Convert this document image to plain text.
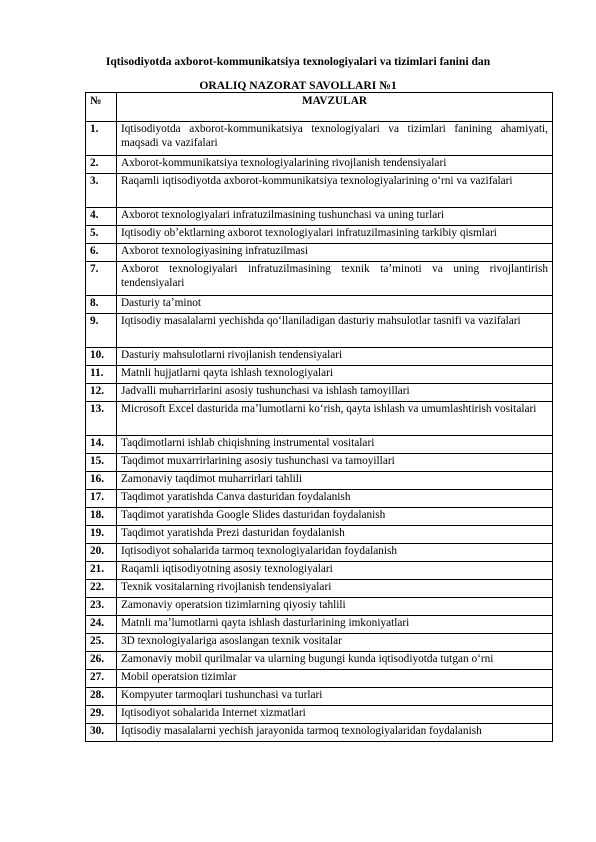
Iqtisodiyotda axborot-kommunikatsiya texnologiyalari va tizimlari fanini dan
ORALIQ NAZORAT SAVOLLARI №1
№	MAVZULAR
1.	Iqtisodiyotda axborot-kommunikatsiya texnologiyalari va tizimlari fanining ahamiyati, maqsadi va vazifalari
2.	Axborot-kommunikatsiya texnologiyalarining rivojlanish tendensiyalari
3.	Raqamli iqtisodiyotda axborot-kommunikatsiya texnologiyalarining o‘rni va vazifalari
4.	Axborot texnologiyalari infratuzilmasining tushunchasi va uning turlari
5.	Iqtisodiy obʼektlarning axborot texnologiyalari infratuzilmasining tarkibiy qismlari
6.	Axborot texnologiyasining infratuzilmasi
7.	Axborot texnologiyalari infratuzilmasining texnik taʼminoti va uning rivojlantirish tendensiyalari
8.	Dasturiy taʼminot
9.	Iqtisodiy masalalarni yechishda qo‘llaniladigan dasturiy mahsulotlar tasnifi va vazifalari
10.	Dasturiy mahsulotlarni rivojlanish tendensiyalari
11.	Matnli hujjatlarni qayta ishlash texnologiyalari
12.	Jadvalli muharrirlarini asosiy tushunchasi va ishlash tamoyillari
13.	Microsoft Excel dasturida maʼlumotlarni ko‘rish, qayta ishlash va umumlashtirish vositalari
14.	Taqdimotlarni ishlab chiqishning instrumental vositalari
15.	Taqdimot muxarrirlarining asosiy tushunchasi va tamoyillari
16.	Zamonaviy taqdimot muharrirlari tahlili
17.	Taqdimot yaratishda Canva dasturidan foydalanish
18.	Taqdimot yaratishda Google Slides dasturidan foydalanish
19.	Taqdimot yaratishda Prezi dasturidan foydalanish
20.	Iqtisodiyot sohalarida tarmoq texnologiyalaridan foydalanish
21.	Raqamli iqtisodiyotning asosiy texnologiyalari
22.	Texnik vositalarning rivojlanish tendensiyalari
23.	Zamonaviy operatsion tizimlarning qiyosiy tahlili
24.	Matnli maʼlumotlarni qayta ishlash dasturlarining imkoniyatlari
25.	3D texnologiyalariga asoslangan texnik vositalar
26.	Zamonaviy mobil qurilmalar va ularning bugungi kunda iqtisodiyotda tutgan o‘rni
27.	Mobil operatsion tizimlar
28.	Kompyuter tarmoqlari tushunchasi va turlari
29.	Iqtisodiyot sohalarida Internet xizmatlari
30.	Iqtisodiy masalalarni yechish jarayonida tarmoq texnologiyalaridan foydalanish
